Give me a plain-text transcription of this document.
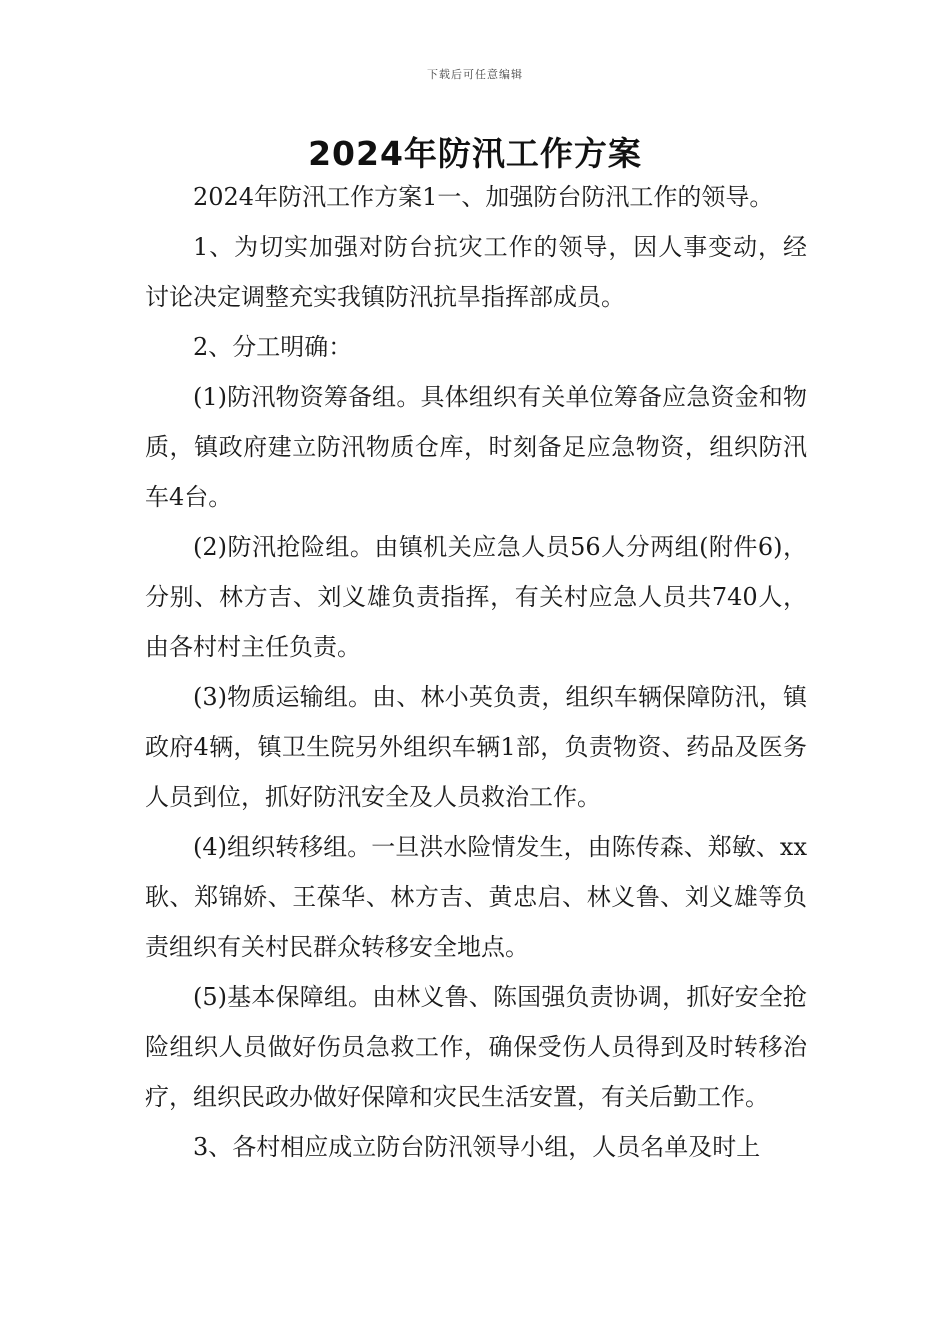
下载后可任意编辑
2024年防汛工作方案

2024年防汛工作方案1一、加强防台防汛工作的领导。

1、为切实加强对防台抗灾工作的领导，因人事变动，经讨论决定调整充实我镇防汛抗旱指挥部成员。

2、分工明确：

(1)防汛物资筹备组。具体组织有关单位筹备应急资金和物质，镇政府建立防汛物质仓库，时刻备足应急物资，组织防汛车4台。

(2)防汛抢险组。由镇机关应急人员56人分两组(附件6)，分别、林方吉、刘义雄负责指挥，有关村应急人员共740人，由各村村主任负责。

(3)物质运输组。由、林小英负责，组织车辆保障防汛，镇政府4辆，镇卫生院另外组织车辆1部，负责物资、药品及医务人员到位，抓好防汛安全及人员救治工作。

(4)组织转移组。一旦洪水险情发生，由陈传森、郑敏、xx耿、郑锦娇、王葆华、林方吉、黄忠启、林义鲁、刘义雄等负责组织有关村民群众转移安全地点。

(5)基本保障组。由林义鲁、陈国强负责协调，抓好安全抢险组织人员做好伤员急救工作，确保受伤人员得到及时转移治疗，组织民政办做好保障和灾民生活安置，有关后勤工作。

3、各村相应成立防台防汛领导小组，人员名单及时上
